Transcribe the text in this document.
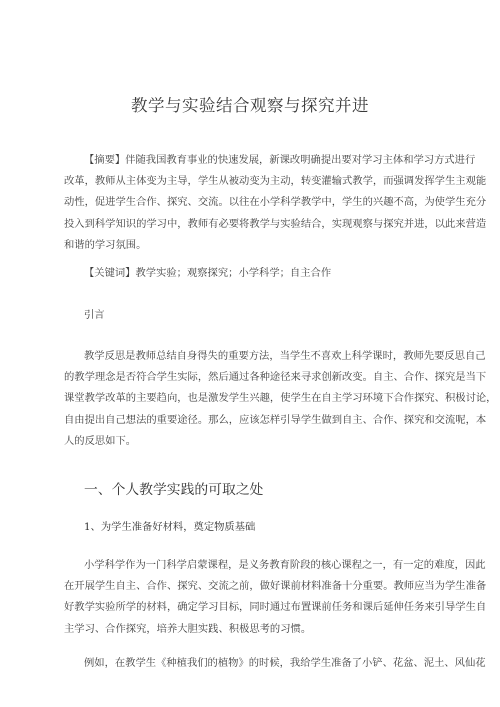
教学与实验结合观察与探究并进

【摘要】伴随我国教育事业的快速发展，新课改明确提出要对学习主体和学习方式进行
改革，教师从主体变为主导，学生从被动变为主动，转变灌输式教学，而强调发挥学生主观能
动性，促进学生合作、探究、交流。以往在小学科学教学中，学生的兴趣不高，为使学生充分
投入到科学知识的学习中，教师有必要将教学与实验结合，实现观察与探究并进，以此来营造
和谐的学习氛围。

【关键词】教学实验；观察探究；小学科学；自主合作
引言

教学反思是教师总结自身得失的重要方法，当学生不喜欢上科学课时，教师先要反思自己
的教学理念是否符合学生实际，然后通过各种途径来寻求创新改变。自主、合作、探究是当下
课堂教学改革的主要趋向，也是激发学生兴趣，使学生在自主学习环境下合作探究、积极讨论，
自由提出自己想法的重要途径。那么，应该怎样引导学生做到自主、合作、探究和交流呢，本
人的反思如下。

一、个人教学实践的可取之处
1、为学生准备好材料，奠定物质基础

小学科学作为一门科学启蒙课程，是义务教育阶段的核心课程之一，有一定的难度，因此
在开展学生自主、合作、探究、交流之前，做好课前材料准备十分重要。教师应当为学生准备
好教学实验所学的材料，确定学习目标，同时通过布置课前任务和课后延伸任务来引导学生自
主学习、合作探究，培养大胆实践、积极思考的习惯。

例如，在教学生《种植我们的植物》的时候，我给学生准备了小铲、花盆、泥土、风仙花
